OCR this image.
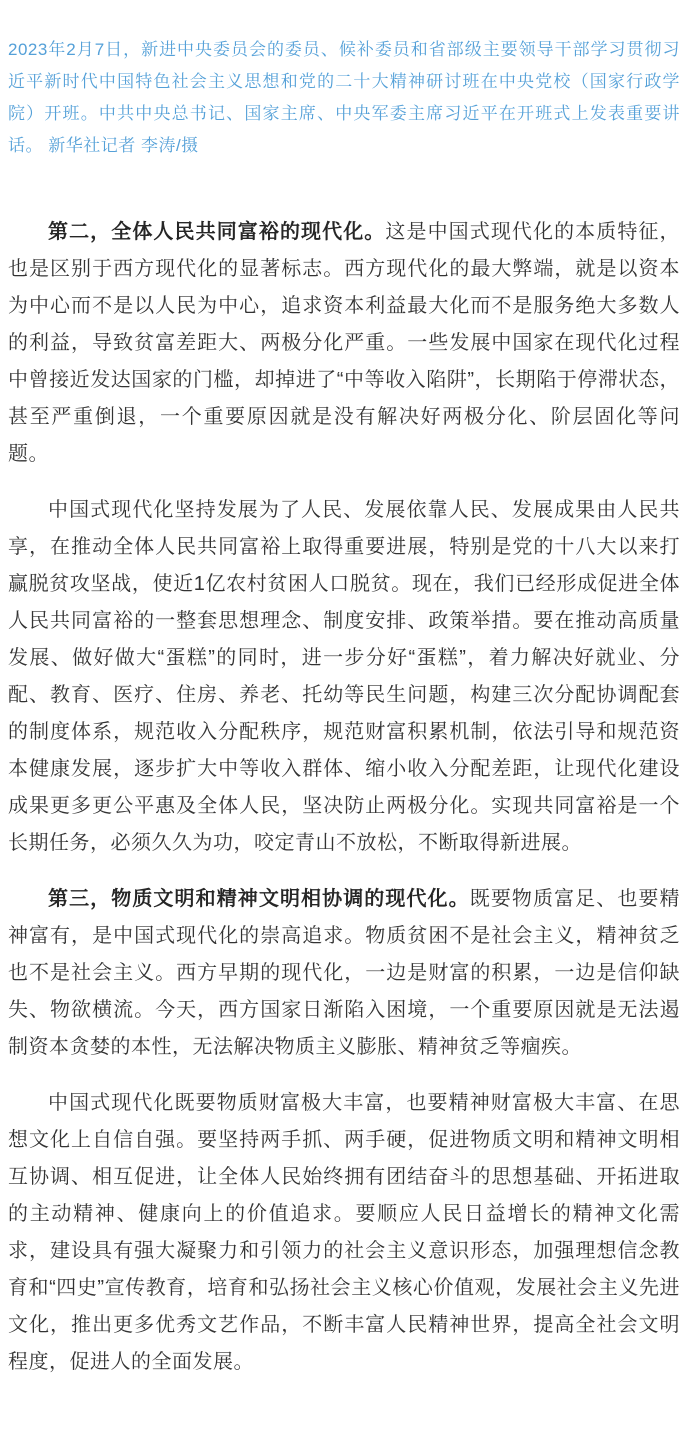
2023年2月7日，新进中央委员会的委员、候补委员和省部级主要领导干部学习贯彻习近平新时代中国特色社会主义思想和党的二十大精神研讨班在中央党校（国家行政学院）开班。中共中央总书记、国家主席、中央军委主席习近平在开班式上发表重要讲话。 新华社记者 李涛/摄

第二，全体人民共同富裕的现代化。这是中国式现代化的本质特征，也是区别于西方现代化的显著标志。西方现代化的最大弊端，就是以资本为中心而不是以人民为中心，追求资本利益最大化而不是服务绝大多数人的利益，导致贫富差距大、两极分化严重。一些发展中国家在现代化过程中曾接近发达国家的门槛，却掉进了“中等收入陷阱”，长期陷于停滞状态，甚至严重倒退，一个重要原因就是没有解决好两极分化、阶层固化等问题。

中国式现代化坚持发展为了人民、发展依靠人民、发展成果由人民共享，在推动全体人民共同富裕上取得重要进展，特别是党的十八大以来打赢脱贫攻坚战，使近1亿农村贫困人口脱贫。现在，我们已经形成促进全体人民共同富裕的一整套思想理念、制度安排、政策举措。要在推动高质量发展、做好做大“蛋糕”的同时，进一步分好“蛋糕”，着力解决好就业、分配、教育、医疗、住房、养老、托幼等民生问题，构建三次分配协调配套的制度体系，规范收入分配秩序，规范财富积累机制，依法引导和规范资本健康发展，逐步扩大中等收入群体、缩小收入分配差距，让现代化建设成果更多更公平惠及全体人民，坚决防止两极分化。实现共同富裕是一个长期任务，必须久久为功，咬定青山不放松，不断取得新进展。

第三，物质文明和精神文明相协调的现代化。既要物质富足、也要精神富有，是中国式现代化的崇高追求。物质贫困不是社会主义，精神贫乏也不是社会主义。西方早期的现代化，一边是财富的积累，一边是信仰缺失、物欲横流。今天，西方国家日渐陷入困境，一个重要原因就是无法遏制资本贪婪的本性，无法解决物质主义膨胀、精神贫乏等痼疾。

中国式现代化既要物质财富极大丰富，也要精神财富极大丰富、在思想文化上自信自强。要坚持两手抓、两手硬，促进物质文明和精神文明相互协调、相互促进，让全体人民始终拥有团结奋斗的思想基础、开拓进取的主动精神、健康向上的价值追求。要顺应人民日益增长的精神文化需求，建设具有强大凝聚力和引领力的社会主义意识形态，加强理想信念教育和“四史”宣传教育，培育和弘扬社会主义核心价值观，发展社会主义先进文化，推出更多优秀文艺作品，不断丰富人民精神世界，提高全社会文明程度，促进人的全面发展。
